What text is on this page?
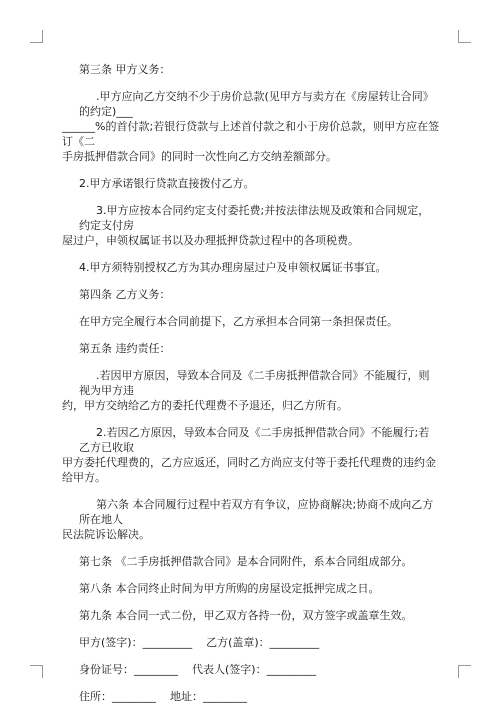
第三条 甲方义务：

.甲方应向乙方交纳不少于房价总款(见甲方与卖方在《房屋转让合同》的约定)___
______%的首付款;若银行贷款与上述首付款之和小于房价总款，则甲方应在签订《二
手房抵押借款合同》的同时一次性向乙方交纳差额部分。

2.甲方承诺银行贷款直接拨付乙方。

3.甲方应按本合同约定支付委托费;并按法律法规及政策和合同规定，约定支付房
屋过户，申领权属证书以及办理抵押贷款过程中的各项税费。

4.甲方须特别授权乙方为其办理房屋过户及申领权属证书事宜。

第四条 乙方义务：

在甲方完全履行本合同前提下，乙方承担本合同第一条担保责任。

第五条 违约责任：

.若因甲方原因，导致本合同及《二手房抵押借款合同》不能履行，则视为甲方违
约，甲方交纳给乙方的委托代理费不予退还，归乙方所有。

2.若因乙方原因，导致本合同及《二手房抵押借款合同》不能履行;若乙方已收取
甲方委托代理费的，乙方应返还，同时乙方尚应支付等于委托代理费的违约金给甲方。

第六条 本合同履行过程中若双方有争议，应协商解决;协商不成向乙方所在地人
民法院诉讼解决。

第七条 《二手房抵押借款合同》是本合同附件，系本合同组成部分。

第八条 本合同终止时间为甲方所购的房屋设定抵押完成之日。

第九条 本合同一式二份，甲乙双方各持一份，双方签字或盖章生效。

甲方(签字)：_________ 乙方(盖章)：_________
身份证号：________ 代表人(签字)：_________
住所：________ 地址：________
